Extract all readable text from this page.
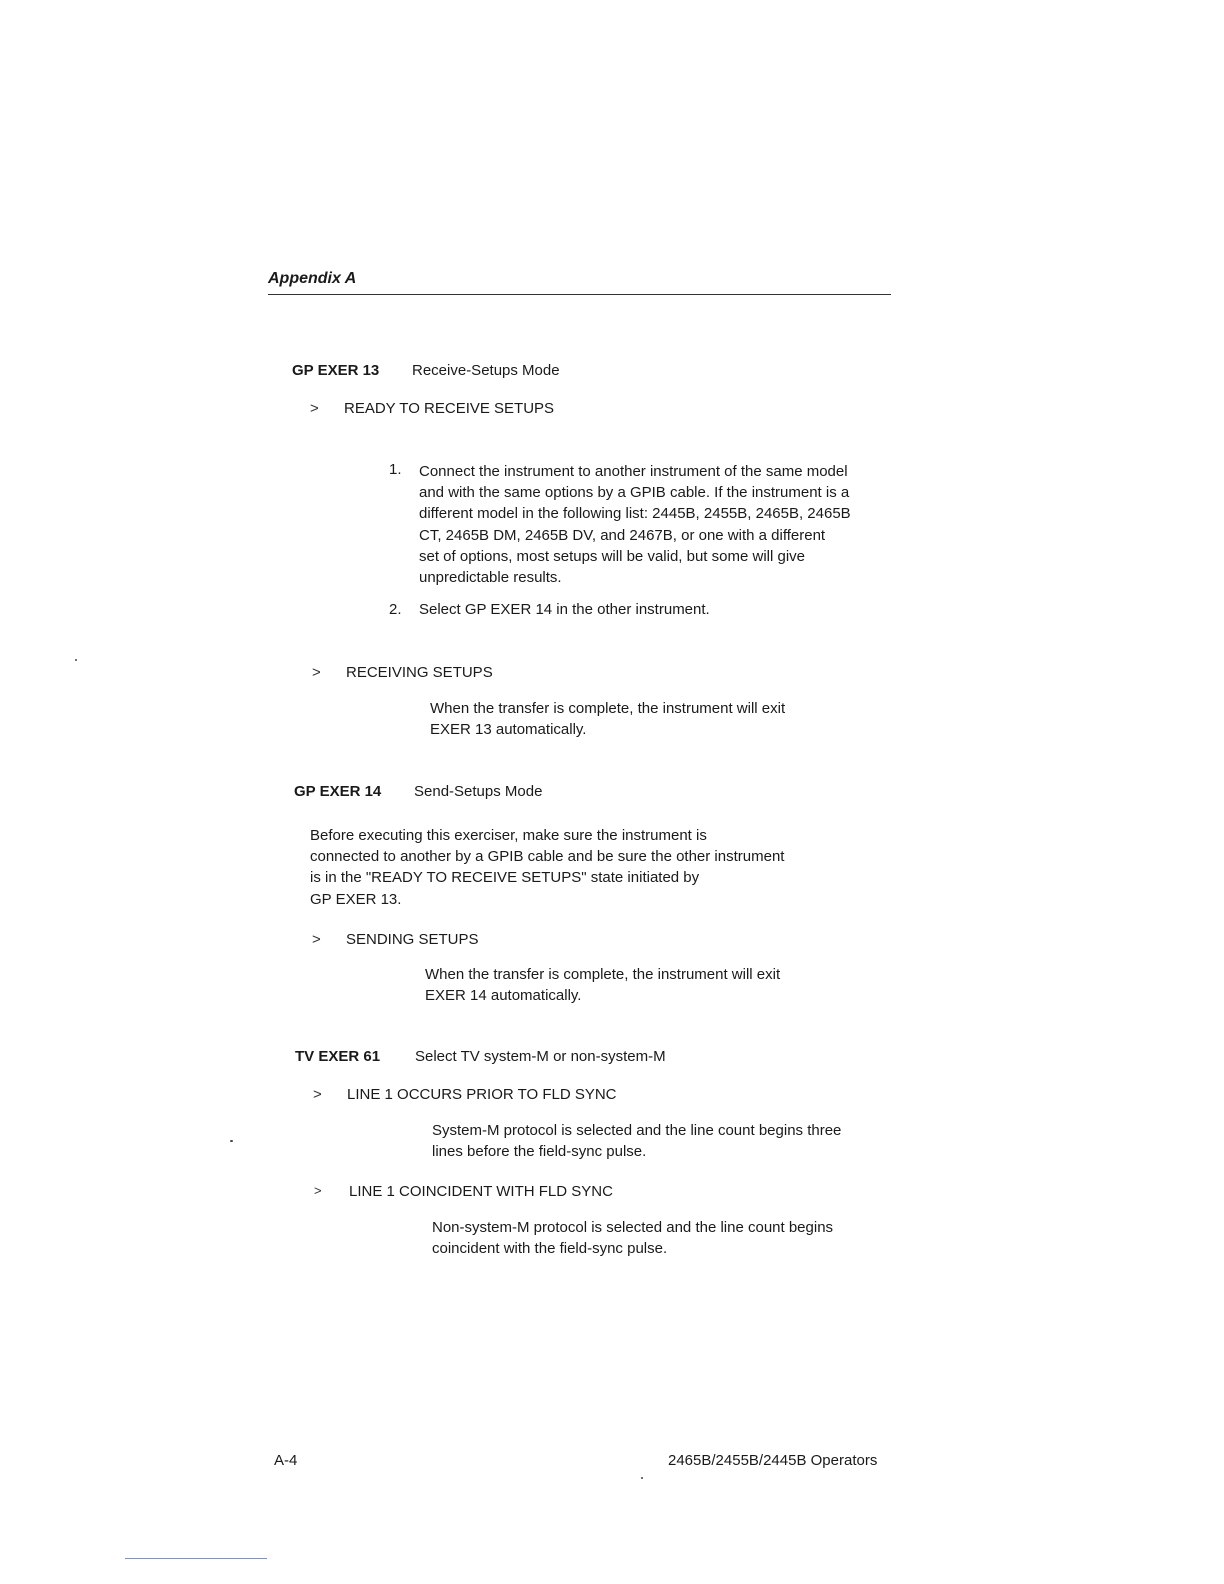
Appendix A
GP EXER 13 Receive-Setups Mode
> READY TO RECEIVE SETUPS
1. Connect the instrument to another instrument of the same model
and with the same options by a GPIB cable. If the instrument is a
different model in the following list: 2445B, 2455B, 2465B, 2465B
CT, 2465B DM, 2465B DV, and 2467B, or one with a different
set of options, most setups will be valid, but some will give
unpredictable results.
2. Select GP EXER 14 in the other instrument.
> RECEIVING SETUPS
When the transfer is complete, the instrument will exit
EXER 13 automatically.
GP EXER 14 Send-Setups Mode
Before executing this exerciser, make sure the instrument is
connected to another by a GPIB cable and be sure the other instrument
is in the "READY TO RECEIVE SETUPS" state initiated by
GP EXER 13.
> SENDING SETUPS
When the transfer is complete, the instrument will exit
EXER 14 automatically.
TV EXER 61 Select TV system-M or non-system-M
> LINE 1 OCCURS PRIOR TO FLD SYNC
System-M protocol is selected and the line count begins three
lines before the field-sync pulse.
> LINE 1 COINCIDENT WITH FLD SYNC
Non-system-M protocol is selected and the line count begins
coincident with the field-sync pulse.
A-4	2465B/2455B/2445B Operators
